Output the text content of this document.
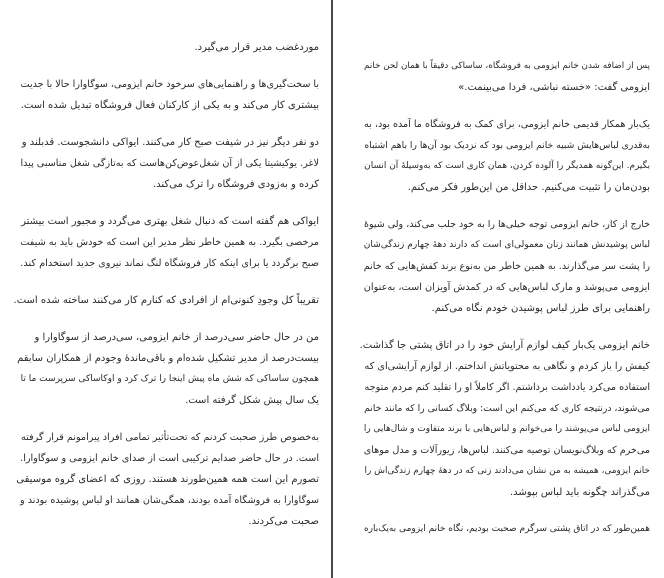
موردغضب مدیر قرار می‌گیرد.
با سخت‌گیری‌ها و راهنمایی‌های سرخود خانم ایزومی، سوگاوارا حالا با جدیت
بیشتری کار می‌کند و به یکی از کارکنان فعال فروشگاه تبدیل شده است.
دو نفر دیگر نیز در شیفت صبح کار می‌کنند. ایواکی دانشجوست. قدبلند و
لاغر. یوکیشیتا یکی از آن شغل‌عوض‌کن‌هاست که به‌تازگی شغل مناسبی پیدا
کرده و به‌زودی فروشگاه را ترک می‌کند.
ایواکی هم گفته است که دنبال شغل بهتری می‌گردد و مجبور است بیشتر
مرخصی بگیرد. به همین خاطر نظر مدیر این است که خودش باید به شیفت
صبح برگردد یا برای اینکه کار فروشگاه لنگ نماند نیروی جدید استخدام کند.
تقریباً کل وجودِ کنونی‌ام از افرادی که کنارم کار می‌کنند ساخته شده است.
من در حال حاضر سی‌درصد از خانم ایزومی، سی‌درصد از سوگاوارا و
بیست‌درصد از مدیر تشکیل شده‌ام و باقی‌ماندهٔ وجودم از همکاران سابقم
همچون ساساکی که شش ماه پیش اینجا را ترک کرد و اوکاساکی سرپرست ما تا
یک سال پیش شکل گرفته است.
به‌خصوص طرز صحبت کردنم که تحت‌تأثیر تمامی افراد پیرامونم قرار گرفته
است. در حال حاضر صدایم ترکیبی است از صدای خانم ایزومی و سوگاوارا.
تصورم این است همه همین‌طورند هستند. روزی که اعضای گروه موسیقی
سوگاوارا به فروشگاه آمده بودند، همگی‌شان همانند او لباس پوشیده بودند و
صحبت می‌کردند.
پس از اضافه شدن خانم ایزومی به فروشگاه، ساساکی دقیقاً با همان لحن خانم
ایزومی گفت: «خسته نباشی، فردا می‌بینمت.»
یک‌بار همکار قدیمی خانم ایزومی، برای کمک به فروشگاه ما آمده بود، به
به‌قدری لباس‌هایش شبیه خانم ایزومی بود که نزدیک بود آن‌ها را باهم اشتباه
بگیرم. این‌گونه همدیگر را آلوده کردن، همان کاری است که به‌وسیلهٔ آن انسان
بودن‌مان را تثبیت می‌کنیم. حداقل من این‌طور فکر می‌کنم.
خارج از کار، خانم ایزومی توجه خیلی‌ها را به خود جلب می‌کند، ولی شیوهٔ
لباس پوشیدنش همانند زنان معمولی‌ای است که دارند دههٔ چهارم زندگی‌شان
را پشت سر می‌گذارند. به همین خاطر من به‌نوع برند کفش‌هایی که خانم
ایزومی می‌پوشد و مارک لباس‌هایی که در کمدش آویزان است، به‌عنوان
راهنمایی برای طرز لباس پوشیدن خودم نگاه می‌کنم.
خانم ایزومی یک‌بار کیف لوازم آرایش خود را در اتاق پشتی جا گذاشت.
کیفش را باز کردم و نگاهی به محتویاتش انداختم. از لوازم آرایشی‌ای که
استفاده می‌کرد یادداشت برداشتم. اگر کاملاً او را تقلید کنم مردم متوجه
می‌شوند، درنتیجه کاری که می‌کنم این است: وبلاگ کسانی را که مانند خانم
ایزومی لباس می‌پوشند را می‌خوانم و لباس‌هایی با برند متفاوت و شال‌هایی را
می‌خرم که وبلاگ‌نویسان توصیه می‌کنند. لباس‌ها، زیورآلات و مدل موهای
خانم ایزومی، همیشه به من نشان می‌دادند زنی که در دههٔ چهارم زندگی‌اش را
می‌گذراند چگونه باید لباس بپوشد.
همین‌طور که در اتاق پشتی سرگرم صحبت بودیم، نگاه خانم ایزومی به‌یک‌باره
